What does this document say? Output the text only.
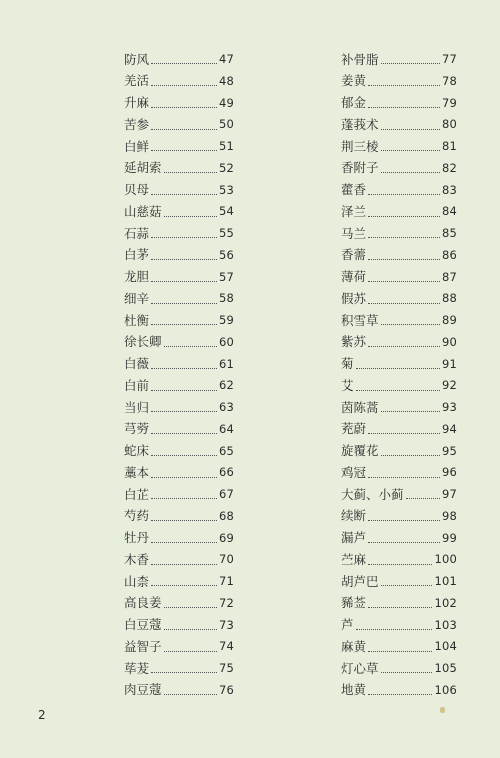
防风	47
羌活	48
升麻	49
苦参	50
白鲜	51
延胡索	52
贝母	53
山慈菇	54
石蒜	55
白茅	56
龙胆	57
细辛	58
杜衡	59
徐长卿	60
白薇	61
白前	62
当归	63
芎䓖	64
蛇床	65
藁本	66
白芷	67
芍药	68
牡丹	69
木香	70
山柰	71
高良姜	72
白豆蔻	73
益智子	74
荜茇	75
肉豆蔻	76
补骨脂	77
姜黄	78
郁金	79
蓬莪术	80
荆三棱	81
香附子	82
藿香	83
泽兰	84
马兰	85
香薷	86
薄荷	87
假苏	88
积雪草	89
紫苏	90
菊	91
艾	92
茵陈蒿	93
茺蔚	94
旋覆花	95
鸡冠	96
大蓟、小蓟	97
续断	98
漏芦	99
苎麻	100
胡芦巴	101
豨莶	102
芦	103
麻黄	104
灯心草	105
地黄	106
2
